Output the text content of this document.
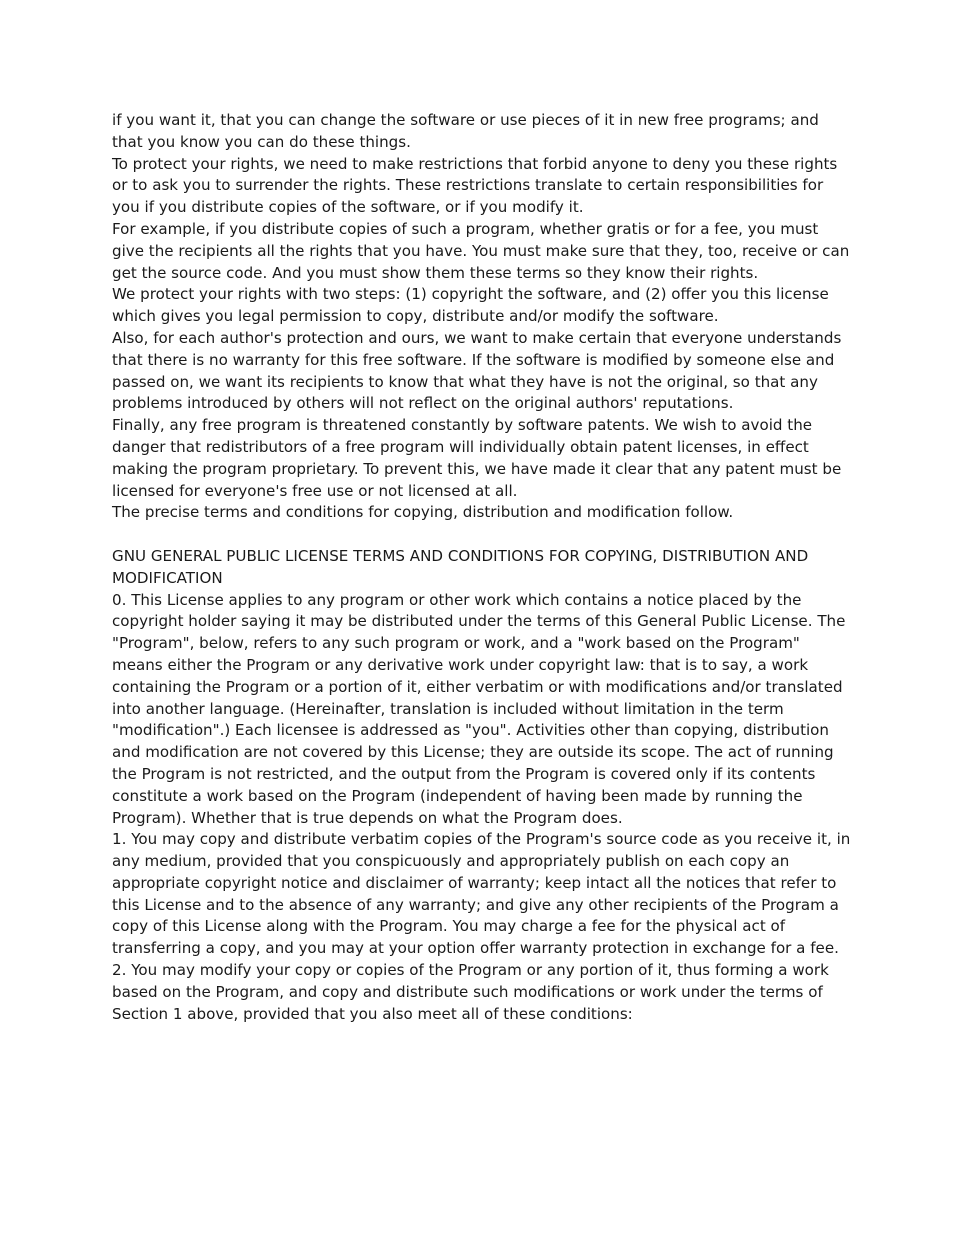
if you want it, that you can change the software or use pieces of it in new free programs; and that you know you can do these things.

To protect your rights, we need to make restrictions that forbid anyone to deny you these rights or to ask you to surrender the rights. These restrictions translate to certain responsibilities for you if you distribute copies of the software, or if you modify it.

For example, if you distribute copies of such a program, whether gratis or for a fee, you must give the recipients all the rights that you have. You must make sure that they, too, receive or can get the source code. And you must show them these terms so they know their rights.

We protect your rights with two steps: (1) copyright the software, and (2) offer you this license which gives you legal permission to copy, distribute and/or modify the software.

Also, for each author's protection and ours, we want to make certain that everyone understands that there is no warranty for this free software. If the software is modified by someone else and passed on, we want its recipients to know that what they have is not the original, so that any problems introduced by others will not reflect on the original authors' reputations.

Finally, any free program is threatened constantly by software patents. We wish to avoid the danger that redistributors of a free program will individually obtain patent licenses, in effect making the program proprietary. To prevent this, we have made it clear that any patent must be licensed for everyone's free use or not licensed at all.

The precise terms and conditions for copying, distribution and modification follow.

GNU GENERAL PUBLIC LICENSE TERMS AND CONDITIONS FOR COPYING, DISTRIBUTION AND MODIFICATION

0. This License applies to any program or other work which contains a notice placed by the copyright holder saying it may be distributed under the terms of this General Public License. The "Program", below, refers to any such program or work, and a "work based on the Program" means either the Program or any derivative work under copyright law: that is to say, a work containing the Program or a portion of it, either verbatim or with modifications and/or translated into another language. (Hereinafter, translation is included without limitation in the term "modification".) Each licensee is addressed as "you". Activities other than copying, distribution and modification are not covered by this License; they are outside its scope. The act of running the Program is not restricted, and the output from the Program is covered only if its contents constitute a work based on the Program (independent of having been made by running the Program). Whether that is true depends on what the Program does.

1. You may copy and distribute verbatim copies of the Program's source code as you receive it, in any medium, provided that you conspicuously and appropriately publish on each copy an appropriate copyright notice and disclaimer of warranty; keep intact all the notices that refer to this License and to the absence of any warranty; and give any other recipients of the Program a copy of this License along with the Program. You may charge a fee for the physical act of transferring a copy, and you may at your option offer warranty protection in exchange for a fee.

2. You may modify your copy or copies of the Program or any portion of it, thus forming a work based on the Program, and copy and distribute such modifications or work under the terms of Section 1 above, provided that you also meet all of these conditions:
